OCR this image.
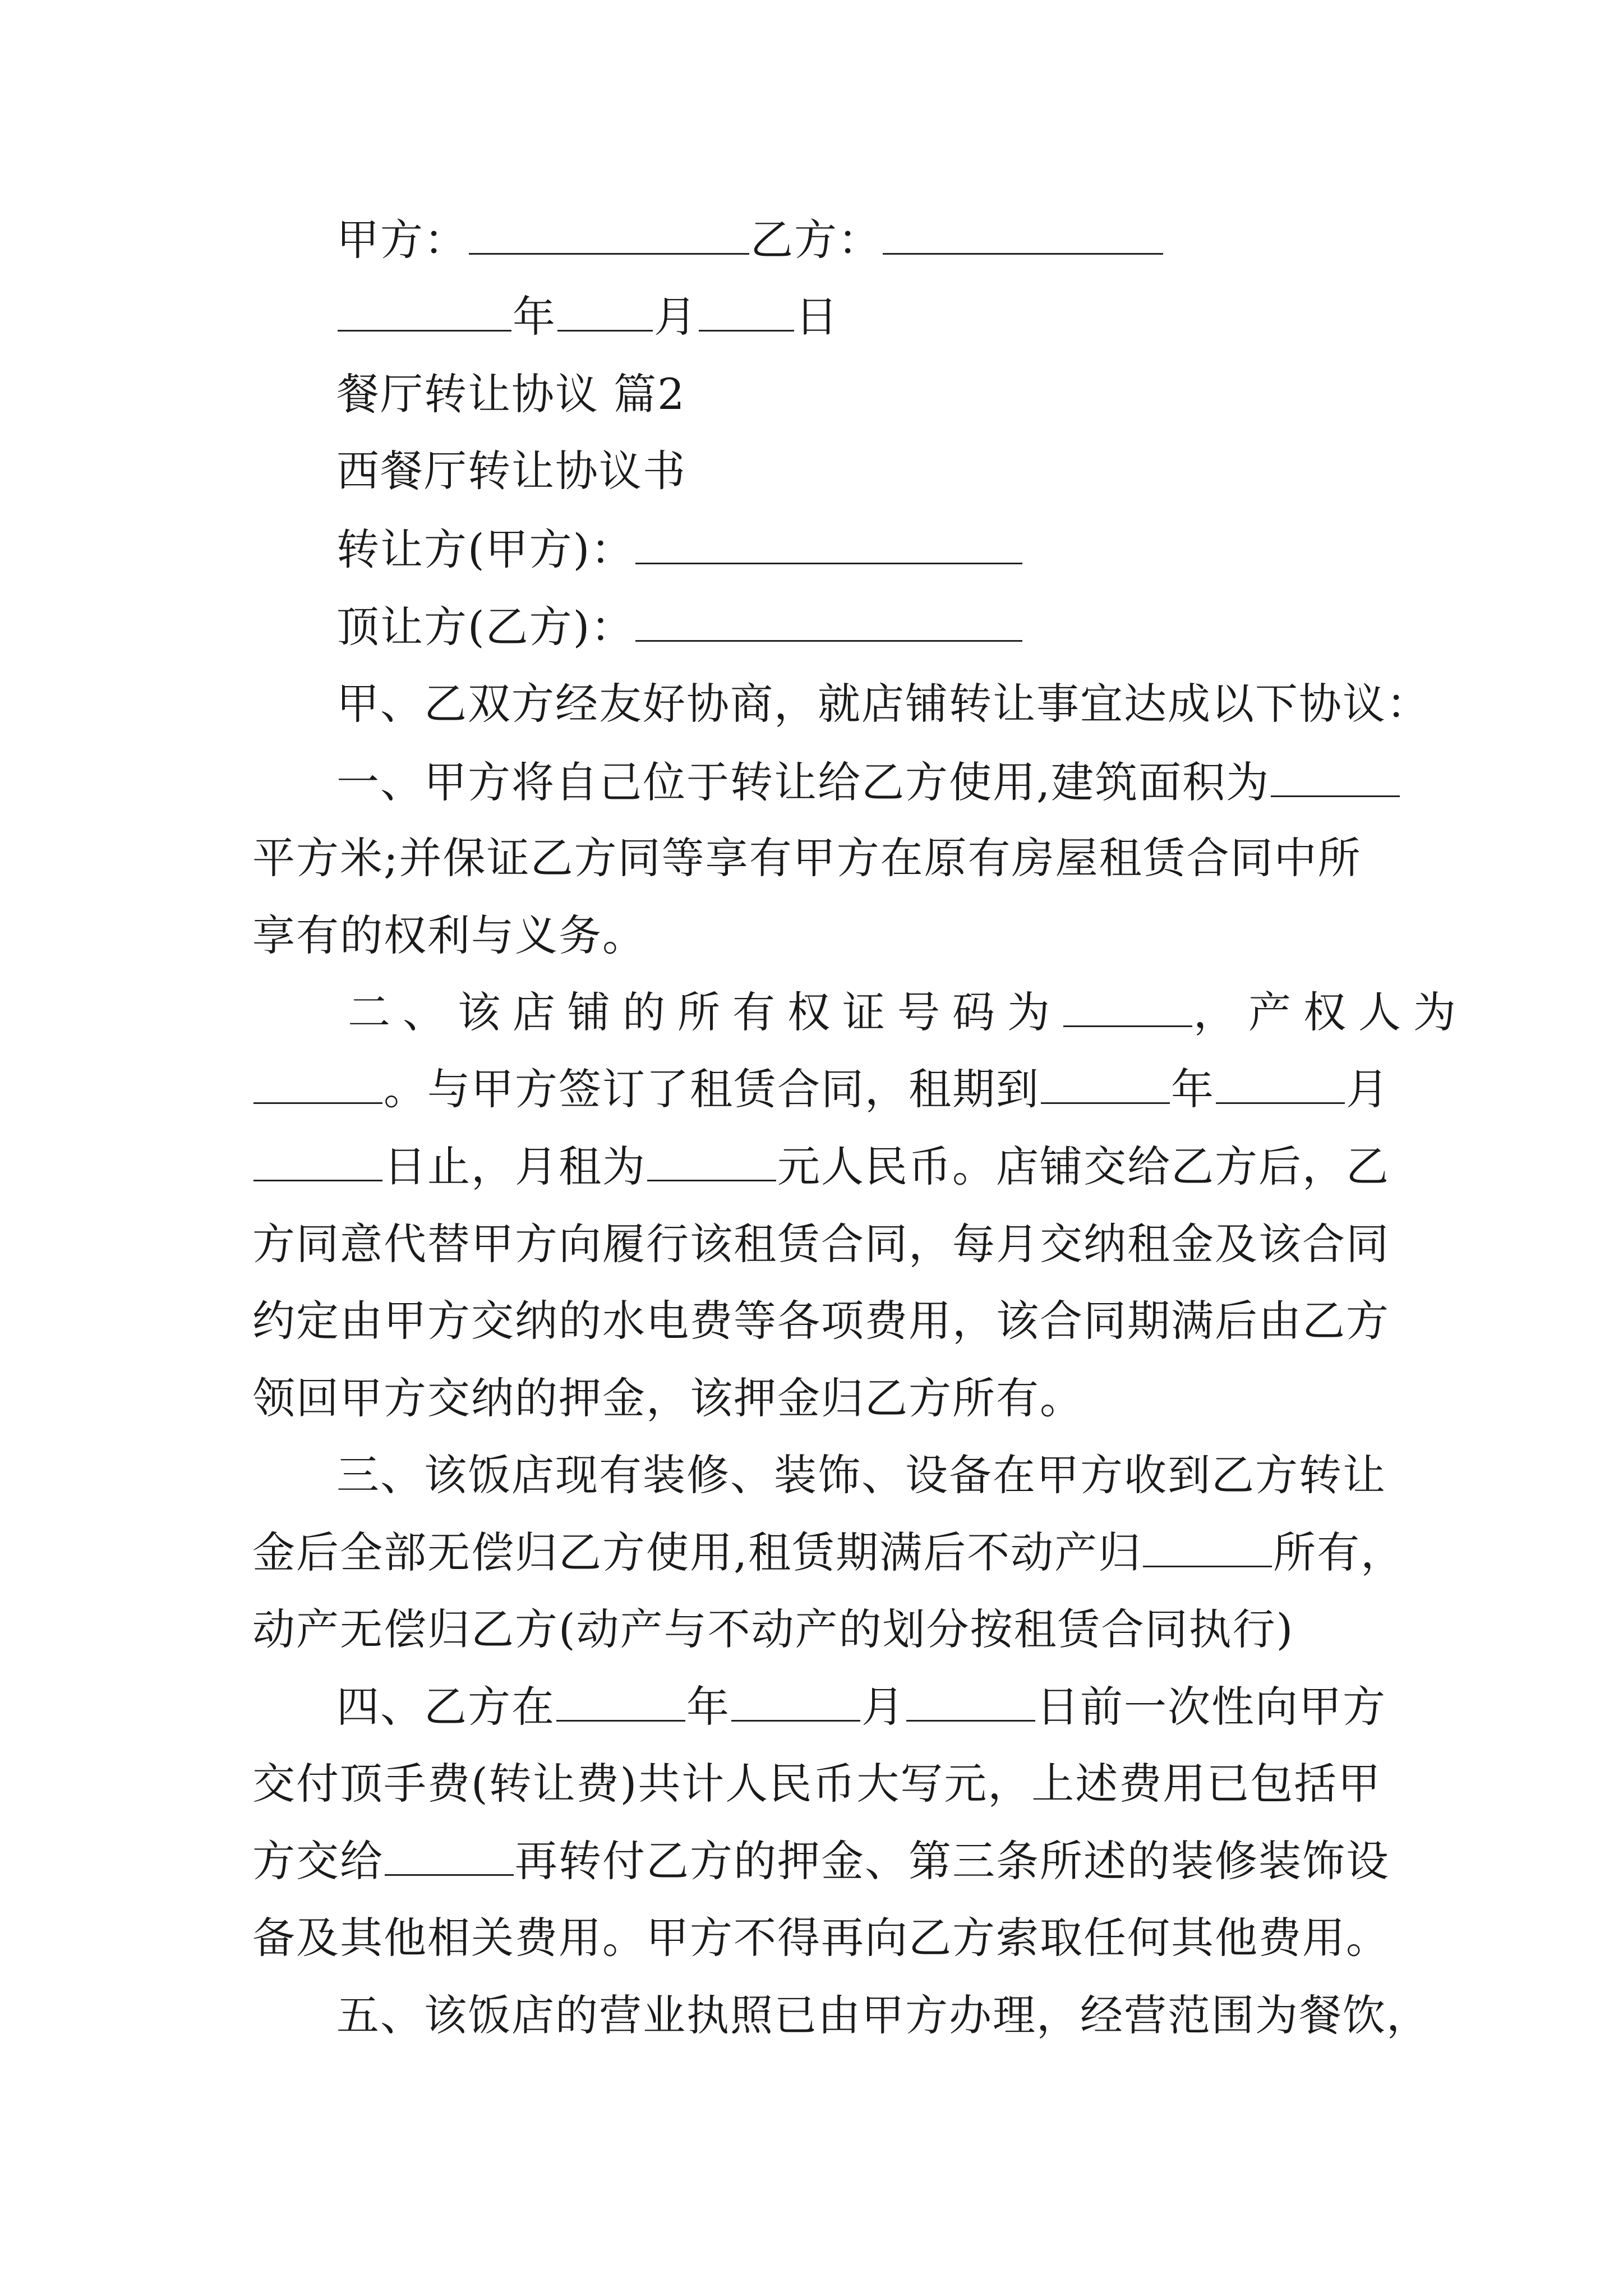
甲方：	乙方：
年 月 日
餐厅转让协议 篇2
西餐厅转让协议书
转让方(甲方)：
顶让方(乙方)：
甲、乙双方经友好协商，就店铺转让事宜达成以下协议：
一、甲方将自己位于转让给乙方使用,建筑面积为
平方米;并保证乙方同等享有甲方在原有房屋租赁合同中所
享有的权利与义务。
二、该店铺的所有权证号码为	，产权人为
。与甲方签订了租赁合同，租期到	年	月
日止，月租为	元人民币。店铺交给乙方后，乙
方同意代替甲方向履行该租赁合同，每月交纳租金及该合同
约定由甲方交纳的水电费等各项费用，该合同期满后由乙方
领回甲方交纳的押金，该押金归乙方所有。
三、该饭店现有装修、装饰、设备在甲方收到乙方转让
金后全部无偿归乙方使用,租赁期满后不动产归	所有，
动产无偿归乙方(动产与不动产的划分按租赁合同执行)
四、乙方在	年	月	日前一次性向甲方
交付顶手费(转让费)共计人民币大写元，上述费用已包括甲
方交给	再转付乙方的押金、第三条所述的装修装饰设
备及其他相关费用。甲方不得再向乙方索取任何其他费用。
五、该饭店的营业执照已由甲方办理，经营范围为餐饮，
